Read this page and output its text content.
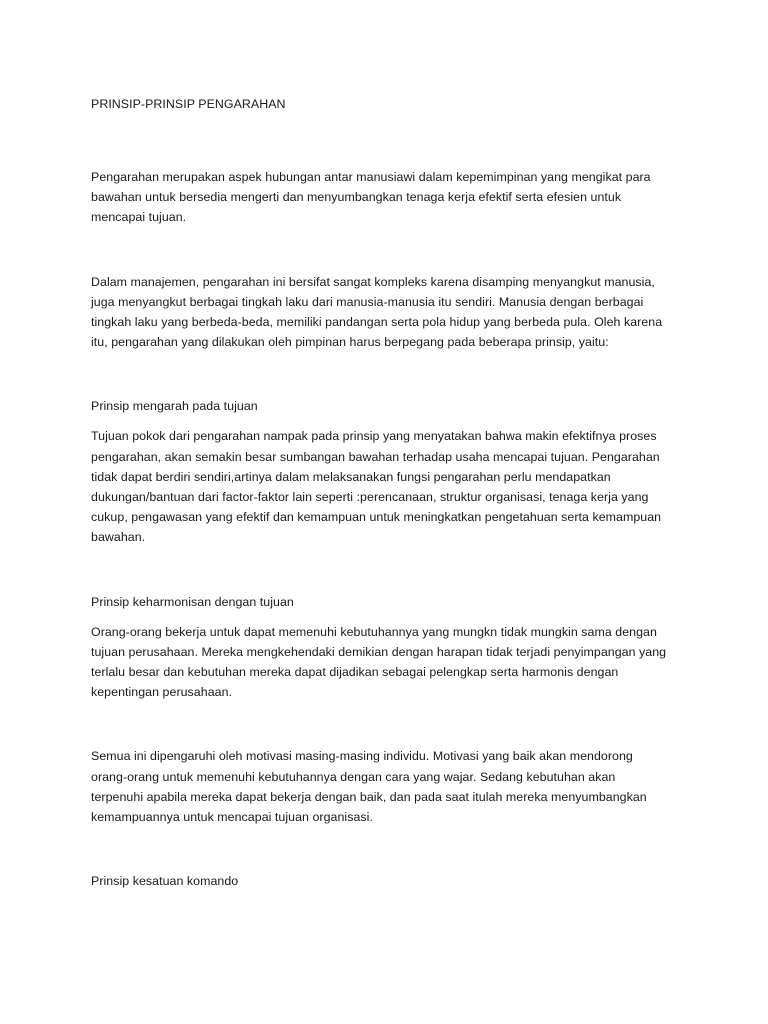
PRINSIP-PRINSIP PENGARAHAN

Pengarahan merupakan aspek hubungan antar manusiawi dalam kepemimpinan yang mengikat para
bawahan untuk bersedia mengerti dan menyumbangkan tenaga kerja efektif serta efesien untuk
mencapai tujuan.

Dalam manajemen, pengarahan ini bersifat sangat kompleks karena disamping menyangkut manusia,
juga menyangkut berbagai tingkah laku dari manusia-manusia itu sendiri. Manusia dengan berbagai
tingkah laku yang berbeda-beda, memiliki pandangan serta pola hidup yang berbeda pula. Oleh karena
itu, pengarahan yang dilakukan oleh pimpinan harus berpegang pada beberapa prinsip, yaitu:

Prinsip mengarah pada tujuan

Tujuan pokok dari pengarahan nampak pada prinsip yang menyatakan bahwa makin efektifnya proses
pengarahan, akan semakin besar sumbangan bawahan terhadap usaha mencapai tujuan. Pengarahan
tidak dapat berdiri sendiri,artinya dalam melaksanakan fungsi pengarahan perlu mendapatkan
dukungan/bantuan dari factor-faktor lain seperti :perencanaan, struktur organisasi, tenaga kerja yang
cukup, pengawasan yang efektif dan kemampuan untuk meningkatkan pengetahuan serta kemampuan
bawahan.

Prinsip keharmonisan dengan tujuan

Orang-orang bekerja untuk dapat memenuhi kebutuhannya yang mungkn tidak mungkin sama dengan
tujuan perusahaan. Mereka mengkehendaki demikian dengan harapan tidak terjadi penyimpangan yang
terlalu besar dan kebutuhan mereka dapat dijadikan sebagai pelengkap serta harmonis dengan
kepentingan perusahaan.

Semua ini dipengaruhi oleh motivasi masing-masing individu. Motivasi yang baik akan mendorong
orang-orang untuk memenuhi kebutuhannya dengan cara yang wajar. Sedang kebutuhan akan
terpenuhi apabila mereka dapat bekerja dengan baik, dan pada saat itulah mereka menyumbangkan
kemampuannya untuk mencapai tujuan organisasi.

Prinsip kesatuan komando
